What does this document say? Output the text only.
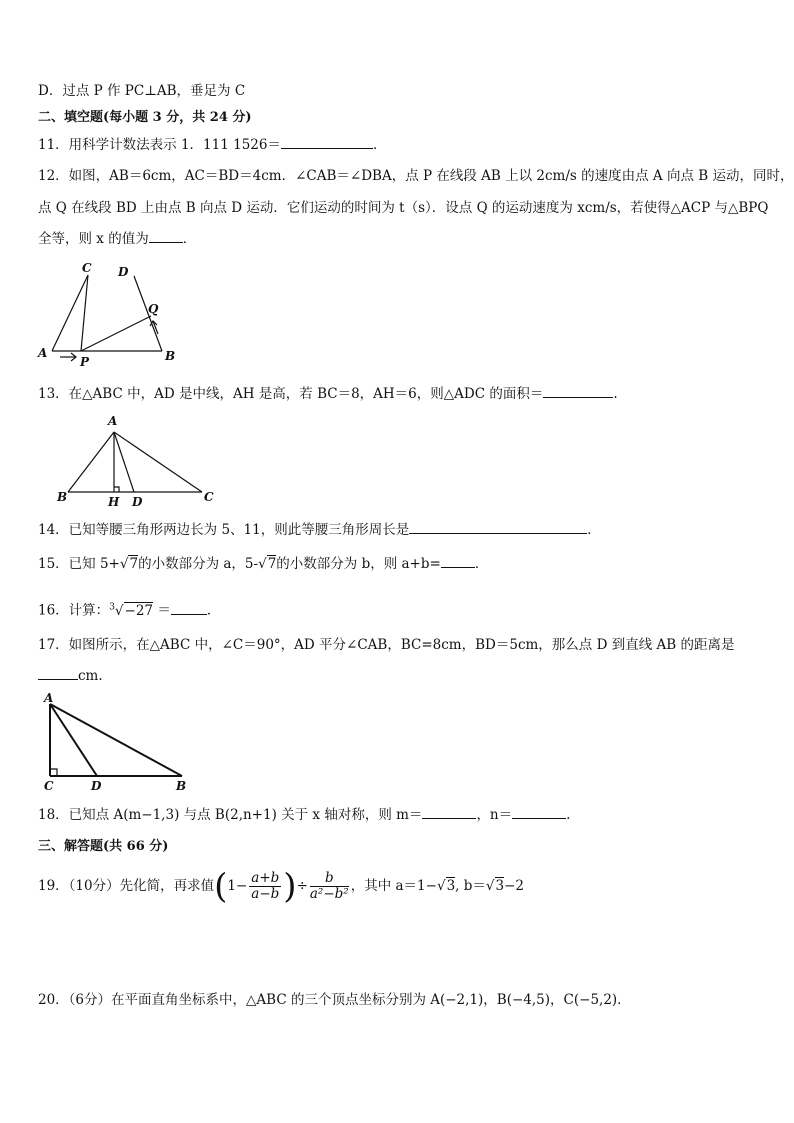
D．过点 P 作 PC⊥AB，垂足为 C
二、填空题(每小题 3 分，共 24 分)
11．用科学计数法表示 1．111 1526＝	．
12．如图，AB＝6cm，AC＝BD＝4cm．∠CAB＝∠DBA，点 P 在线段 AB 上以 2cm/s 的速度由点 A 向点 B 运动，同时，
点 Q 在线段 BD 上由点 B 向点 D 运动．它们运动的时间为 t（s）．设点 Q 的运动速度为 xcm/s，若使得△ACP 与△BPQ
全等，则 x 的值为	．
C D
Q
A
P	B
13．在△ABC 中，AD 是中线，AH 是高，若 BC＝8，AH＝6，则△ADC 的面积＝	.
A
B	H D	C
14．已知等腰三角形两边长为 5、11，则此等腰三角形周长是	．
15．已知 5+√7的小数部分为 a，5-√7的小数部分为 b，则 a+b=	．
16．计算：$^3$√−27 ＝	．
17．如图所示，在△ABC 中，∠C＝90°，AD 平分∠CAB，BC=8cm，BD＝5cm，那么点 D 到直线 AB 的距离是
cm.
A
C	D	B
18．已知点 A(m−1,3) 与点 B(2,n+1) 关于 x 轴对称，则 m＝	，n＝	.
三、解答题(共 66 分)
19．（10分）先化简，再求值($1- \frac{a+b}{a-b}$ )÷ $\frac{b}{\text{a²−b²}}$ ，其中 a＝1−√3, b＝√3−2
20．（6分）在平面直角坐标系中，△ABC 的三个顶点坐标分别为 A(−2,1)，B(−4,5)，C(−5,2)．
